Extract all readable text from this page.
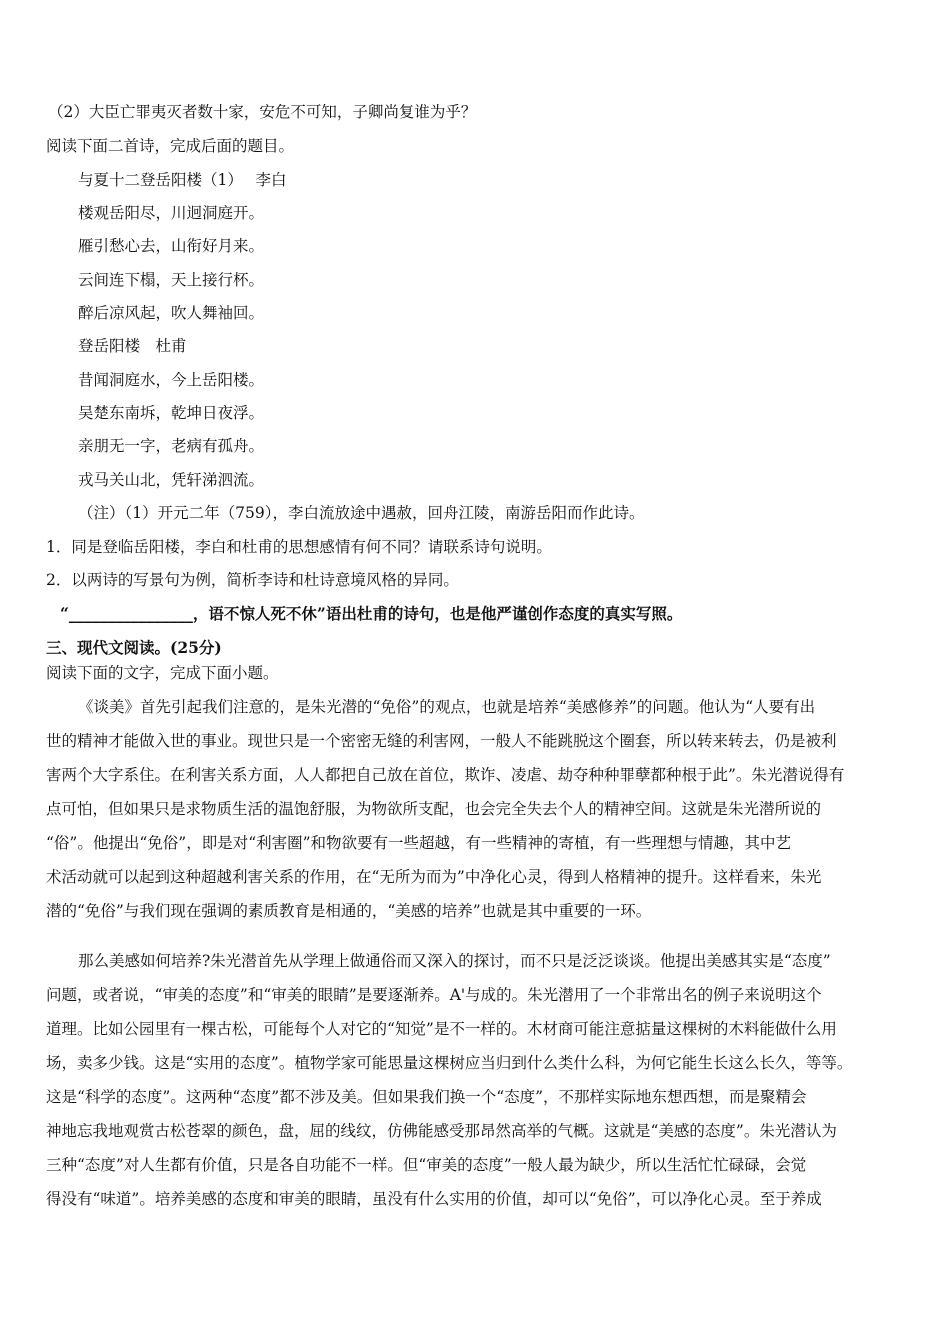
（2）大臣亡罪夷灭者数十家，安危不可知，子卿尚复谁为乎？
阅读下面二首诗，完成后面的题目。
与夏十二登岳阳楼（1）　 李白
楼观岳阳尽，川迥洞庭开。
雁引愁心去，山衔好月来。
云间连下榻，天上接行杯。
醉后凉风起，吹人舞袖回。
登岳阳楼　杜甫
昔闻洞庭水，今上岳阳楼。
吴楚东南坼，乾坤日夜浮。
亲朋无一字，老病有孤舟。
戎马关山北，凭轩涕泗流。
（注）（1）开元二年（759），李白流放途中遇赦，回舟江陵，南游岳阳而作此诗。
1．同是登临岳阳楼，李白和杜甫的思想感情有何不同？请联系诗句说明。
2．以两诗的写景句为例，简析李诗和杜诗意境风格的异同。
“________________，语不惊人死不休”语出杜甫的诗句，也是他严谨创作态度的真实写照。
三、现代文阅读。(25分)
阅读下面的文字，完成下面小题。
《谈美》首先引起我们注意的，是朱光潜的“免俗”的观点，也就是培养“美感修养”的问题。他认为“人要有出
世的精神才能做入世的事业。现世只是一个密密无缝的利害网，一般人不能跳脱这个圈套，所以转来转去，仍是被利
害两个大字系住。在利害关系方面，人人都把自己放在首位，欺诈、凌虐、劫夺种种罪孽都种根于此”。朱光潜说得有
点可怕，但如果只是求物质生活的温饱舒服，为物欲所支配，也会完全失去个人的精神空间。这就是朱光潜所说的
“俗”。他提出“免俗”，即是对“利害圈”和物欲要有一些超越，有一些精神的寄植，有一些理想与情趣，其中艺
术活动就可以起到这种超越利害关系的作用，在“无所为而为”中净化心灵，得到人格精神的提升。这样看来，朱光
潜的“免俗”与我们现在强调的素质教育是相通的，“美感的培养”也就是其中重要的一环。
那么美感如何培养?朱光潜首先从学理上做通俗而又深入的探讨，而不只是泛泛谈谈。他提出美感其实是“态度”
问题，或者说，“审美的态度”和“审美的眼睛”是要逐渐养。A'与成的。朱光潜用了一个非常出名的例子来说明这个
道理。比如公园里有一棵古松，可能每个人对它的“知觉”是不一样的。木材商可能注意掂量这棵树的木料能做什么用
场，卖多少钱。这是“实用的态度”。植物学家可能思量这棵树应当归到什么类什么科，为何它能生长这么长久，等等。
这是“科学的态度”。这两种“态度”都不涉及美。但如果我们换一个“态度”，不那样实际地东想西想，而是聚精会
神地忘我地观赏古松苍翠的颜色，盘，屈的线纹，仿佛能感受那昂然高举的气概。这就是“美感的态度”。朱光潜认为
三种“态度”对人生都有价值，只是各自功能不一样。但“审美的态度”一般人最为缺少，所以生活忙忙碌碌，会觉
得没有“味道”。培养美感的态度和审美的眼睛，虽没有什么实用的价值，却可以“免俗”，可以净化心灵。至于养成
